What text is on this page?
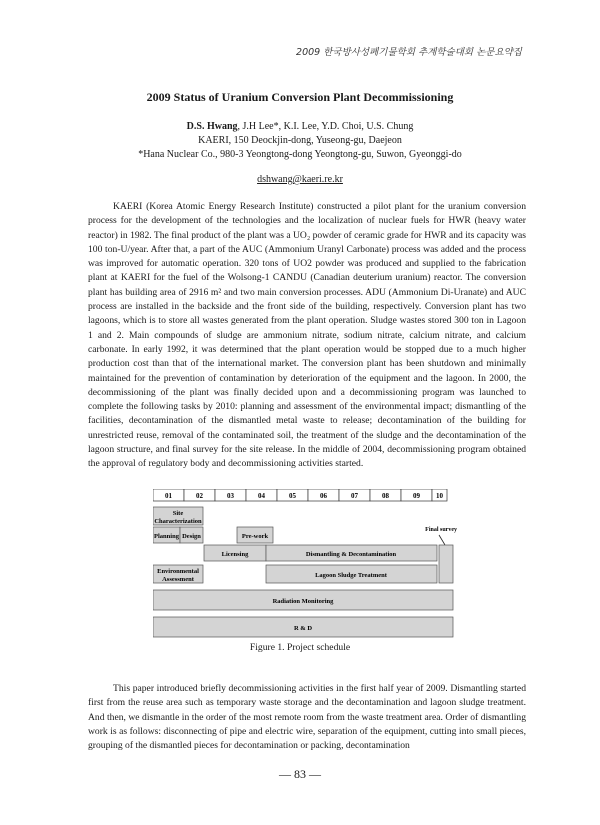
2009 한국방사성폐기물학회 추계학술대회 논문요약집
2009 Status of Uranium Conversion Plant Decommissioning
D.S. Hwang, J.H Lee*, K.I. Lee, Y.D. Choi, U.S. Chung
KAERI, 150 Deockjin-dong, Yuseong-gu, Daejeon
*Hana Nuclear Co., 980-3 Yeongtong-dong Yeongtong-gu, Suwon, Gyeonggi-do
dshwang@kaeri.re.kr
KAERI (Korea Atomic Energy Research Institute) constructed a pilot plant for the uranium conversion process for the development of the technologies and the localization of nuclear fuels for HWR (heavy water reactor) in 1982. The final product of the plant was a UO₂ powder of ceramic grade for HWR and its capacity was 100 ton-U/year. After that, a part of the AUC (Ammonium Uranyl Carbonate) process was added and the process was improved for automatic operation. 320 tons of UO2 powder was produced and supplied to the fabrication plant at KAERI for the fuel of the Wolsong-1 CANDU (Canadian deuterium uranium) reactor. The conversion plant has building area of 2916 m² and two main conversion processes. ADU (Ammonium Di-Uranate) and AUC process are installed in the backside and the front side of the building, respectively. Conversion plant has two lagoons, which is to store all wastes generated from the plant operation. Sludge wastes stored 300 ton in Lagoon 1 and 2. Main compounds of sludge are ammonium nitrate, sodium nitrate, calcium nitrate, and calcium carbonate. In early 1992, it was determined that the plant operation would be stopped due to a much higher production cost than that of the international market. The conversion plant has been shutdown and minimally maintained for the prevention of contamination by deterioration of the equipment and the lagoon. In 2000, the decommissioning of the plant was finally decided upon and a decommissioning program was launched to complete the following tasks by 2010: planning and assessment of the environmental impact; dismantling of the facilities, decontamination of the dismantled metal waste to release; decontamination of the building for unrestricted reuse, removal of the contaminated soil, the treatment of the sludge and the decontamination of the lagoon structure, and final survey for the site release. In the middle of 2004, decommissioning program obtained the approval of regulatory body and decommissioning activities started.
01	02	03	04	05	06	07	08	09 10
Site
Characterization
Planning Design	Pre-work
Final survey
Licensing	Dismantling & Decontamination
Environmental
Assessment
Lagoon Sludge Treatment
Radiation Monitoring
R & D
Figure 1. Project schedule
This paper introduced briefly decommissioning activities in the first half year of 2009. Dismantling started first from the reuse area such as temporary waste storage and the decontamination and lagoon sludge treatment. And then, we dismantle in the order of the most remote room from the waste treatment area. Order of dismantling work is as follows: disconnecting of pipe and electric wire, separation of the equipment, cutting into small pieces, grouping of the dismantled pieces for decontamination or packing, decontamination
— 83 —
